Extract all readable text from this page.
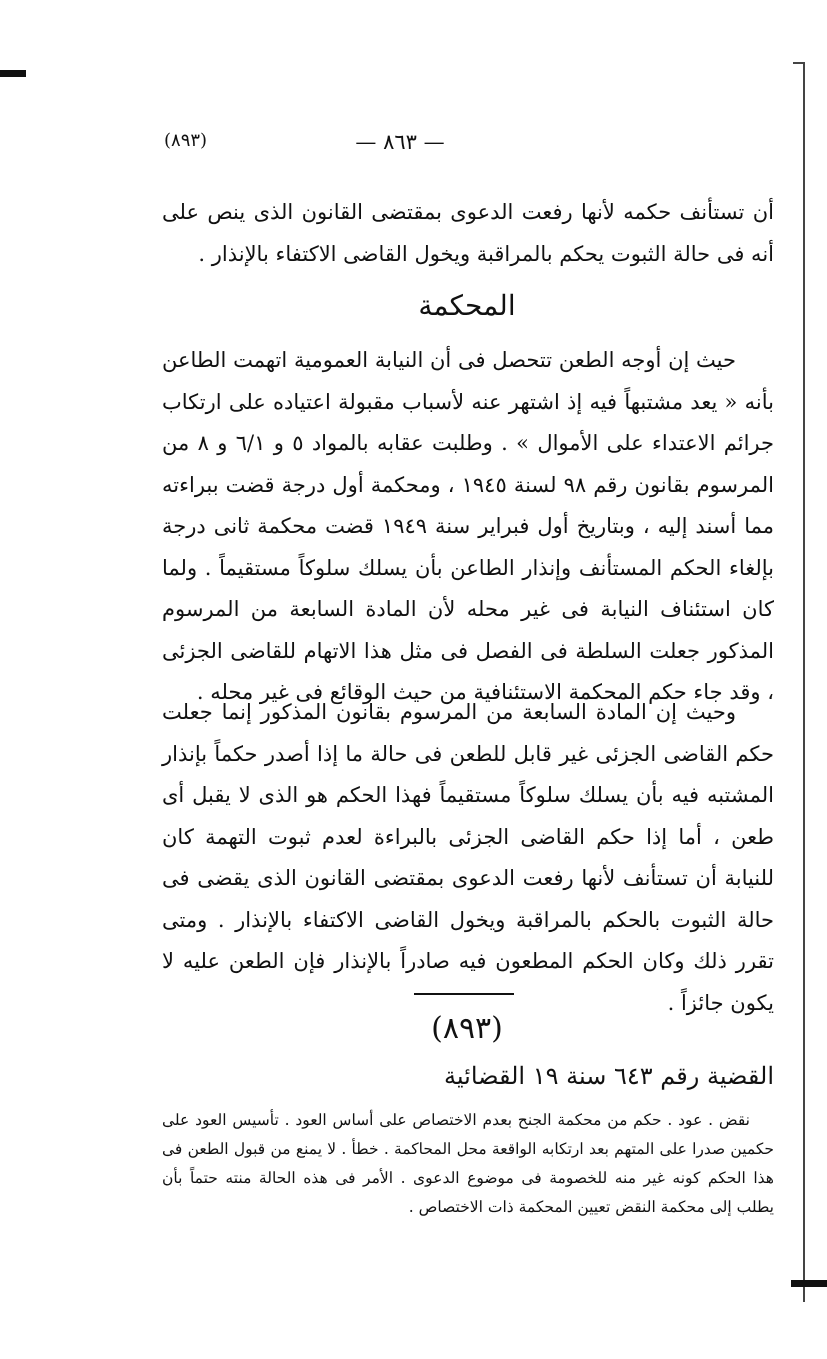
(٨٩٣)	— ٨٦٣ —

أن تستأنف حكمه لأنها رفعت الدعوى بمقتضى القانون الذى ينص على أنه فى حالة الثبوت يحكم بالمراقبة ويخول القاضى الاكتفاء بالإنذار .

المحكمة

حيث إن أوجه الطعن تتحصل فى أن النيابة العمومية اتهمت الطاعن بأنه « يعد مشتبهاً فيه إذ اشتهر عنه لأسباب مقبولة اعتياده على ارتكاب جرائم الاعتداء على الأموال » . وطلبت عقابه بالمواد ٥ و ٦/١ و ٨ من المرسوم بقانون رقم ٩٨ لسنة ١٩٤٥ ، ومحكمة أول درجة قضت ببراءته مما أسند إليه ، وبتاريخ أول فبراير سنة ١٩٤٩ قضت محكمة ثانى درجة بإلغاء الحكم المستأنف وإنذار الطاعن بأن يسلك سلوكاً مستقيماً . ولما كان استئناف النيابة فى غير محله لأن المادة السابعة من المرسوم المذكور جعلت السلطة فى الفصل فى مثل هذا الاتهام للقاضى الجزئى ، وقد جاء حكم المحكمة الاستئنافية من حيث الوقائع فى غير محله .

وحيث إن المادة السابعة من المرسوم بقانون المذكور إنما جعلت حكم القاضى الجزئى غير قابل للطعن فى حالة ما إذا أصدر حكماً بإنذار المشتبه فيه بأن يسلك سلوكاً مستقيماً فهذا الحكم هو الذى لا يقبل أى طعن ، أما إذا حكم القاضى الجزئى بالبراءة لعدم ثبوت التهمة كان للنيابة أن تستأنف لأنها رفعت الدعوى بمقتضى القانون الذى يقضى فى حالة الثبوت بالحكم بالمراقبة ويخول القاضى الاكتفاء بالإنذار . ومتى تقرر ذلك وكان الحكم المطعون فيه صادراً بالإنذار فإن الطعن عليه لا يكون جائزاً .

(٨٩٣)
القضية رقم ٦٤٣ سنة ١٩ القضائية

نقض . عود . حكم من محكمة الجنح بعدم الاختصاص على أساس العود . تأسيس العود على حكمين صدرا على المتهم بعد ارتكابه الواقعة محل المحاكمة . خطأ . لا يمنع من قبول الطعن فى هذا الحكم كونه غير منه للخصومة فى موضوع الدعوى . الأمر فى هذه الحالة منته حتماً بأن يطلب إلى محكمة النقض تعيين المحكمة ذات الاختصاص .
